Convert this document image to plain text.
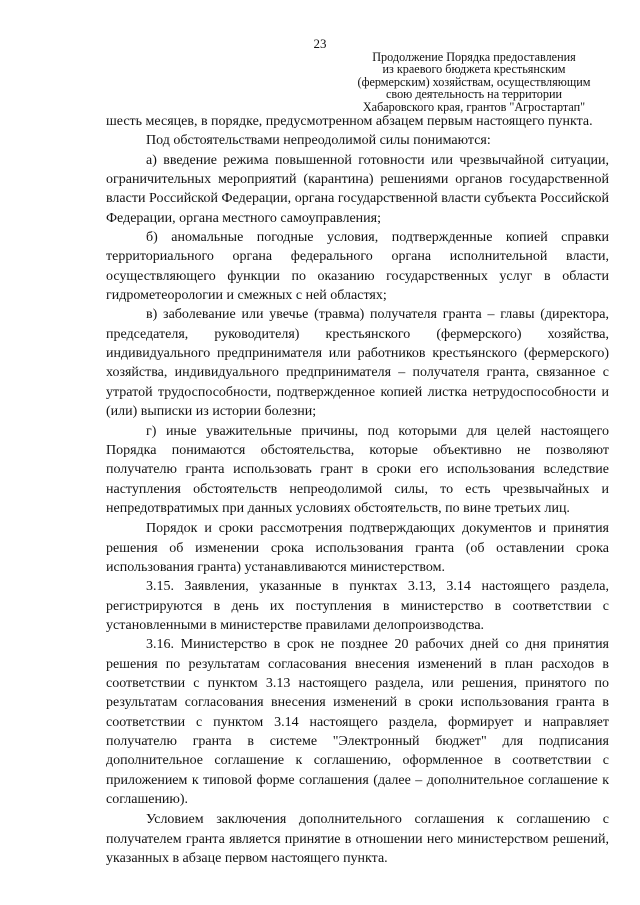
23
Продолжение Порядка предоставления
из краевого бюджета крестьянским
(фермерским) хозяйствам, осуществляющим
свою деятельность на территории
Хабаровского края, грантов "Агростартап"

шесть месяцев, в порядке, предусмотренном абзацем первым настоящего пункта.

Под обстоятельствами непреодолимой силы понимаются:

а) введение режима повышенной готовности или чрезвычайной ситуации, ограничительных мероприятий (карантина) решениями органов государственной власти Российской Федерации, органа государственной власти субъекта Российской Федерации, органа местного самоуправления;

б) аномальные погодные условия, подтвержденные копией справки территориального органа федерального органа исполнительной власти, осуществляющего функции по оказанию государственных услуг в области гидрометеорологии и смежных с ней областях;

в) заболевание или увечье (травма) получателя гранта – главы (директора, председателя, руководителя) крестьянского (фермерского) хозяйства, индивидуального предпринимателя или работников крестьянского (фермерского) хозяйства, индивидуального предпринимателя – получателя гранта, связанное с утратой трудоспособности, подтвержденное копией листка нетрудоспособности и (или) выписки из истории болезни;

г) иные уважительные причины, под которыми для целей настоящего Порядка понимаются обстоятельства, которые объективно не позволяют получателю гранта использовать грант в сроки его использования вследствие наступления обстоятельств непреодолимой силы, то есть чрезвычайных и непредотвратимых при данных условиях обстоятельств, по вине третьих лиц.

Порядок и сроки рассмотрения подтверждающих документов и принятия решения об изменении срока использования гранта (об оставлении срока использования гранта) устанавливаются министерством.

3.15. Заявления, указанные в пунктах 3.13, 3.14 настоящего раздела, регистрируются в день их поступления в министерство в соответствии с установленными в министерстве правилами делопроизводства.

3.16. Министерство в срок не позднее 20 рабочих дней со дня принятия решения по результатам согласования внесения изменений в план расходов в соответствии с пунктом 3.13 настоящего раздела, или решения, принятого по результатам согласования внесения изменений в сроки использования гранта в соответствии с пунктом 3.14 настоящего раздела, формирует и направляет получателю гранта в системе "Электронный бюджет" для подписания дополнительное соглашение к соглашению, оформленное в соответствии с приложением к типовой форме соглашения (далее – дополнительное соглашение к соглашению).

Условием заключения дополнительного соглашения к соглашению с получателем гранта является принятие в отношении него министерством решений, указанных в абзаце первом настоящего пункта.
